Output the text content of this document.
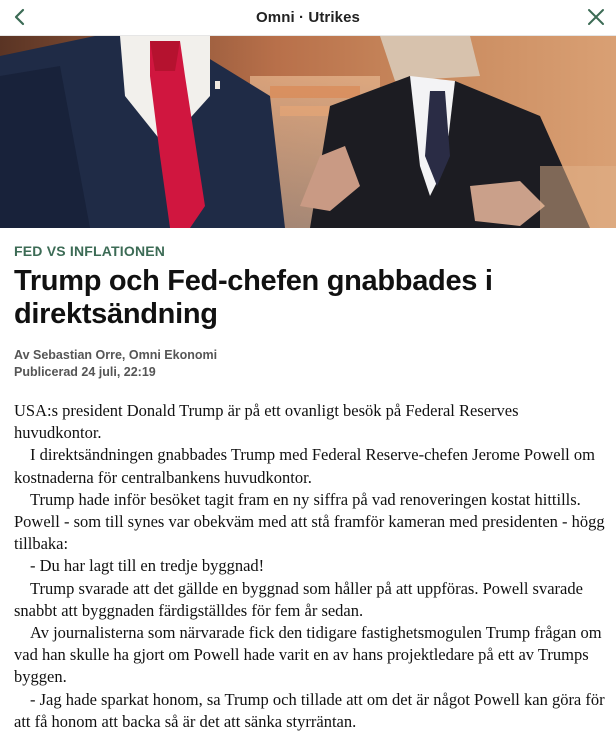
Omni · Utrikes
FED VS INFLATIONEN
Trump och Fed-chefen gnabbades i direktsändning
Av Sebastian Orre, Omni Ekonomi
Publicerad 24 juli, 22:19

USA:s president Donald Trump är på ett ovanligt besök på Federal Reserves huvudkontor.

I direktsändningen gnabbades Trump med Federal Reserve-chefen Jerome Powell om kostnaderna för centralbankens huvudkontor.

Trump hade inför besöket tagit fram en ny siffra på vad renoveringen kostat hittills. Powell - som till synes var obekväm med att stå framför kameran med presidenten - högg tillbaka:

- Du har lagt till en tredje byggnad!

Trump svarade att det gällde en byggnad som håller på att uppföras. Powell svarade snabbt att byggnaden färdigställdes för fem år sedan.

Av journalisterna som närvarade fick den tidigare fastighetsmogulen Trump frågan om vad han skulle ha gjort om Powell hade varit en av hans projektledare på ett av Trumps byggen.

- Jag hade sparkat honom, sa Trump och tillade att om det är något Powell kan göra för att få honom att backa så är det att sänka styrräntan.
